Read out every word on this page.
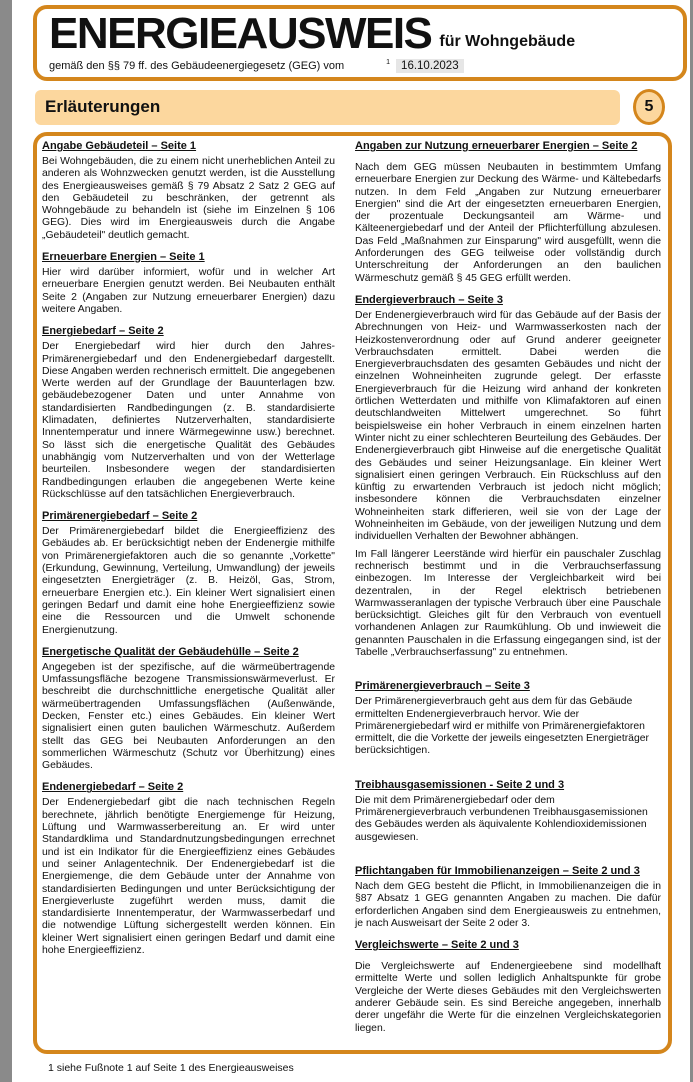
ENERGIEAUSWEIS für Wohngebäude
gemäß den §§ 79 ff. des Gebäudeenergiegesetz (GEG) vom	1 16.10.2023
Erläuterungen	5
Angabe Gebäudeteil – Seite 1

Bei Wohngebäuden, die zu einem nicht unerheblichen Anteil zu anderen als Wohnzwecken genutzt werden, ist die Ausstellung des Energieausweises gemäß § 79 Absatz 2 Satz 2 GEG auf den Gebäudeteil zu beschränken, der getrennt als Wohngebäude zu behandeln ist (siehe im Einzelnen § 106 GEG). Dies wird im Energieausweis durch die Angabe „Gebäudeteil" deutlich gemacht.

Erneuerbare Energien – Seite 1

Hier wird darüber informiert, wofür und in welcher Art erneuerbare Energien genutzt werden. Bei Neubauten enthält Seite 2 (Angaben zur Nutzung erneuerbarer Energien) dazu weitere Angaben.

Energiebedarf – Seite 2

Der Energiebedarf wird hier durch den Jahres-Primärenergiebedarf und den Endenergiebedarf dargestellt. Diese Angaben werden rechnerisch ermittelt. Die angegebenen Werte werden auf der Grundlage der Bauunterlagen bzw. gebäudebezogener Daten und unter Annahme von standardisierten Randbedingungen (z. B. standardisierte Klimadaten, definiertes Nutzerverhalten, standardisierte Innentemperatur und innere Wärmegewinne usw.) berechnet. So lässt sich die energetische Qualität des Gebäudes unabhängig vom Nutzerverhalten und von der Wetterlage beurteilen. Insbesondere wegen der standardisierten Randbedingungen erlauben die angegebenen Werte keine Rückschlüsse auf den tatsächlichen Energieverbrauch.

Primärenergiebedarf – Seite 2

Der Primärenergiebedarf bildet die Energieeffizienz des Gebäudes ab. Er berücksichtigt neben der Endenergie mithilfe von Primärenergiefaktoren auch die so genannte „Vorkette" (Erkundung, Gewinnung, Verteilung, Umwandlung) der jeweils eingesetzten Energieträger (z. B. Heizöl, Gas, Strom, erneuerbare Energien etc.). Ein kleiner Wert signalisiert einen geringen Bedarf und damit eine hohe Energieeffizienz sowie eine die Ressourcen und die Umwelt schonende Energienutzung.

Energetische Qualität der Gebäudehülle – Seite 2

Angegeben ist der spezifische, auf die wärmeübertragende Umfassungsfläche bezogene Transmissionswärmeverlust. Er beschreibt die durchschnittliche energetische Qualität aller wärmeübertragenden Umfassungsflächen (Außenwände, Decken, Fenster etc.) eines Gebäudes. Ein kleiner Wert signalisiert einen guten baulichen Wärmeschutz. Außerdem stellt das GEG bei Neubauten Anforderungen an den sommerlichen Wärmeschutz (Schutz vor Überhitzung) eines Gebäudes.

Endenergiebedarf – Seite 2

Der Endenergiebedarf gibt die nach technischen Regeln berechnete, jährlich benötigte Energiemenge für Heizung, Lüftung und Warmwasserbereitung an. Er wird unter Standardklima und Standardnutzungsbedingungen errechnet und ist ein Indikator für die Energieeffizienz eines Gebäudes und seiner Anlagentechnik. Der Endenergiebedarf ist die Energiemenge, die dem Gebäude unter der Annahme von standardisierten Bedingungen und unter Berücksichtigung der Energieverluste zugeführt werden muss, damit die standardisierte Innentemperatur, der Warmwasserbedarf und die notwendige Lüftung sichergestellt werden können. Ein kleiner Wert signalisiert einen geringen Bedarf und damit eine hohe Energieeffizienz.

Angaben zur Nutzung erneuerbarer Energien – Seite 2

Nach dem GEG müssen Neubauten in bestimmtem Umfang erneuerbare Energien zur Deckung des Wärme- und Kältebedarfs nutzen. In dem Feld „Angaben zur Nutzung erneuerbarer Energien" sind die Art der eingesetzten erneuerbaren Energien, der prozentuale Deckungsanteil am Wärme- und Kälteenergiebedarf und der Anteil der Pflichterfüllung abzulesen. Das Feld „Maßnahmen zur Einsparung" wird ausgefüllt, wenn die Anforderungen des GEG teilweise oder vollständig durch Unterschreitung der Anforderungen an den baulichen Wärmeschutz gemäß § 45 GEG erfüllt werden.

Endergieverbrauch – Seite 3

Der Endenergieverbrauch wird für das Gebäude auf der Basis der Abrechnungen von Heiz- und Warmwasserkosten nach der Heizkostenverordnung oder auf Grund anderer geeigneter Verbrauchsdaten ermittelt. Dabei werden die Energieverbrauchsdaten des gesamten Gebäudes und nicht der einzelnen Wohneinheiten zugrunde gelegt. Der erfasste Energieverbrauch für die Heizung wird anhand der konkreten örtlichen Wetterdaten und mithilfe von Klimafaktoren auf einen deutschlandweiten Mittelwert umgerechnet. So führt beispielsweise ein hoher Verbrauch in einem einzelnen harten Winter nicht zu einer schlechteren Beurteilung des Gebäudes. Der Endenergieverbrauch gibt Hinweise auf die energetische Qualität des Gebäudes und seiner Heizungsanlage. Ein kleiner Wert signalisiert einen geringen Verbrauch. Ein Rückschluss auf den künftig zu erwartenden Verbrauch ist jedoch nicht möglich; insbesondere können die Verbrauchsdaten einzelner Wohneinheiten stark differieren, weil sie von der Lage der Wohneinheiten im Gebäude, von der jeweiligen Nutzung und dem individuellen Verhalten der Bewohner abhängen.

Im Fall längerer Leerstände wird hierfür ein pauschaler Zuschlag rechnerisch bestimmt und in die Verbrauchserfassung einbezogen. Im Interesse der Vergleichbarkeit wird bei dezentralen, in der Regel elektrisch betriebenen Warmwasseranlagen der typische Verbrauch über eine Pauschale berücksichtigt. Gleiches gilt für den Verbrauch von eventuell vorhandenen Anlagen zur Raumkühlung. Ob und inwieweit die genannten Pauschalen in die Erfassung eingegangen sind, ist der Tabelle „Verbrauchserfassung" zu entnehmen.

Primärenergieverbrauch – Seite 3

Der Primärenergieverbrauch geht aus dem für das Gebäude ermittelten Endenergieverbrauch hervor. Wie der Primärenergiebedarf wird er mithilfe von Primärenergiefaktoren ermittelt, die die Vorkette der jeweils eingesetzten Energieträger berücksichtigen.

Treibhausgasemissionen - Seite 2 und 3

Die mit dem Primärenergiebedarf oder dem Primärenergieverbrauch verbundenen Treibhausgasemissionen des Gebäudes werden als äquivalente Kohlendioxidemissionen ausgewiesen.

Pflichtangaben für Immobilienanzeigen – Seite 2 und 3

Nach dem GEG besteht die Pflicht, in Immobilienanzeigen die in §87 Absatz 1 GEG genannten Angaben zu machen. Die dafür erforderlichen Angaben sind dem Energieausweis zu entnehmen, je nach Ausweisart der Seite 2 oder 3.

Vergleichswerte – Seite 2 und 3

Die Vergleichswerte auf Endenergieebene sind modellhaft ermittelte Werte und sollen lediglich Anhaltspunkte für grobe Vergleiche der Werte dieses Gebäudes mit den Vergleichswerten anderer Gebäude sein. Es sind Bereiche angegeben, innerhalb derer ungefähr die Werte für die einzelnen Vergleichskategorien liegen.

1 siehe Fußnote 1 auf Seite 1 des Energieausweises
